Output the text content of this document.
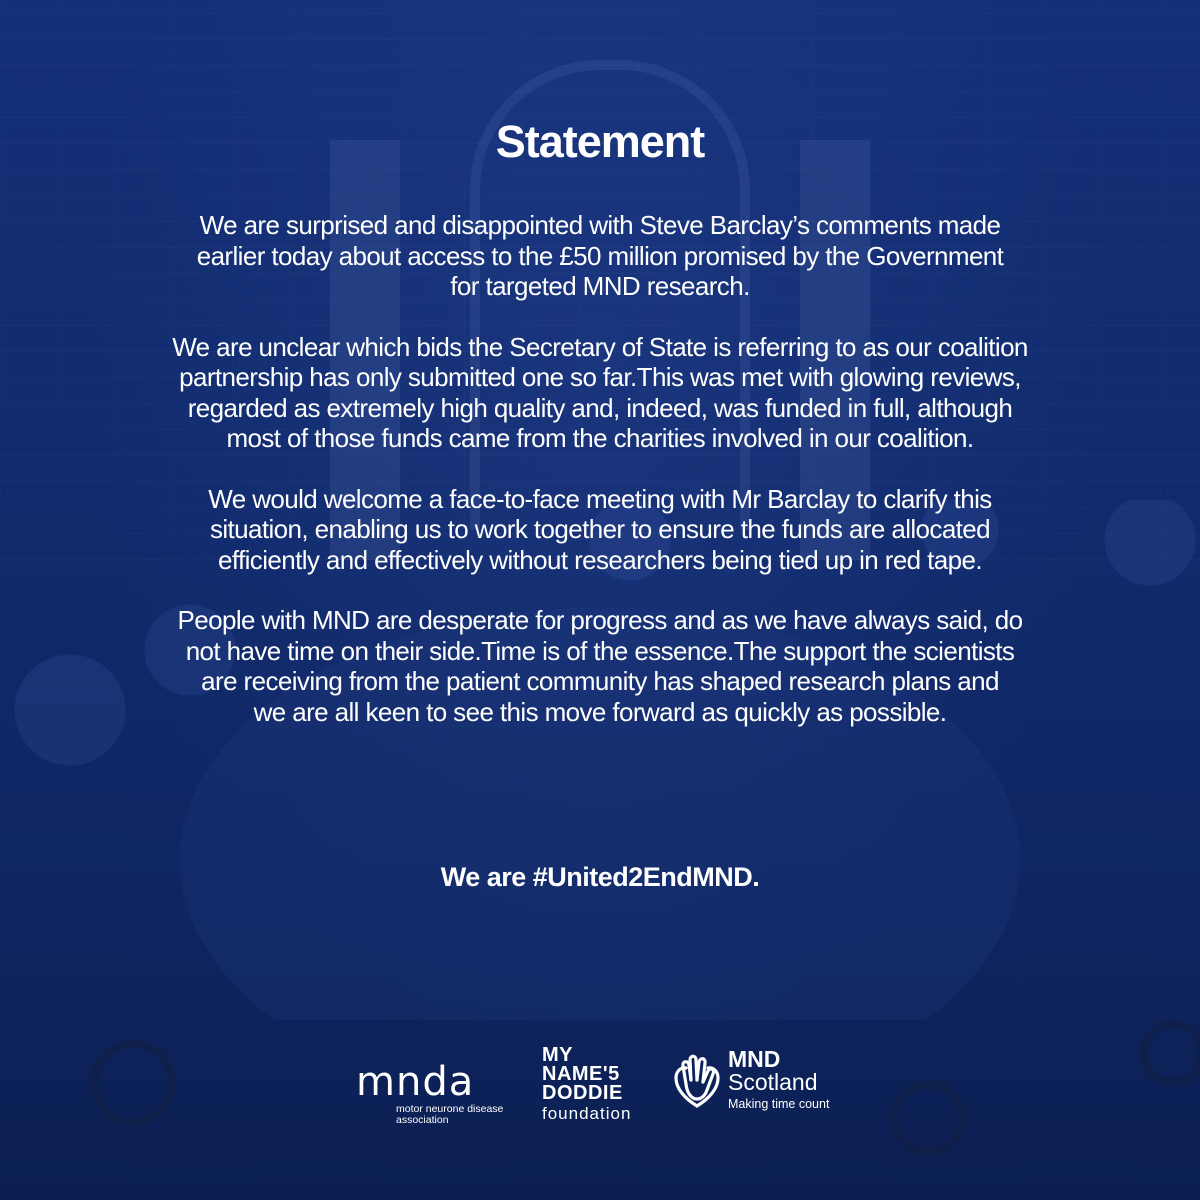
Statement

We are surprised and disappointed with Steve Barclay’s comments made
earlier today about access to the £50 million promised by the Government
for targeted MND research.

We are unclear which bids the Secretary of State is referring to as our coalition
partnership has only submitted one so far.This was met with glowing reviews,
regarded as extremely high quality and, indeed, was funded in full, although
most of those funds came from the charities involved in our coalition.

We would welcome a face-to-face meeting with Mr Barclay to clarify this
situation, enabling us to work together to ensure the funds are allocated
efficiently and effectively without researchers being tied up in red tape.

People with MND are desperate for progress and as we have always said, do
not have time on their side.Time is of the essence.The support the scientists
are receiving from the patient community has shaped research plans and
we are all keen to see this move forward as quickly as possible.

We are #United2EndMND.
mnda
motor neurone disease
association
MY
NAME'5
DODDIE
foundation
MND
Scotland
Making time count
